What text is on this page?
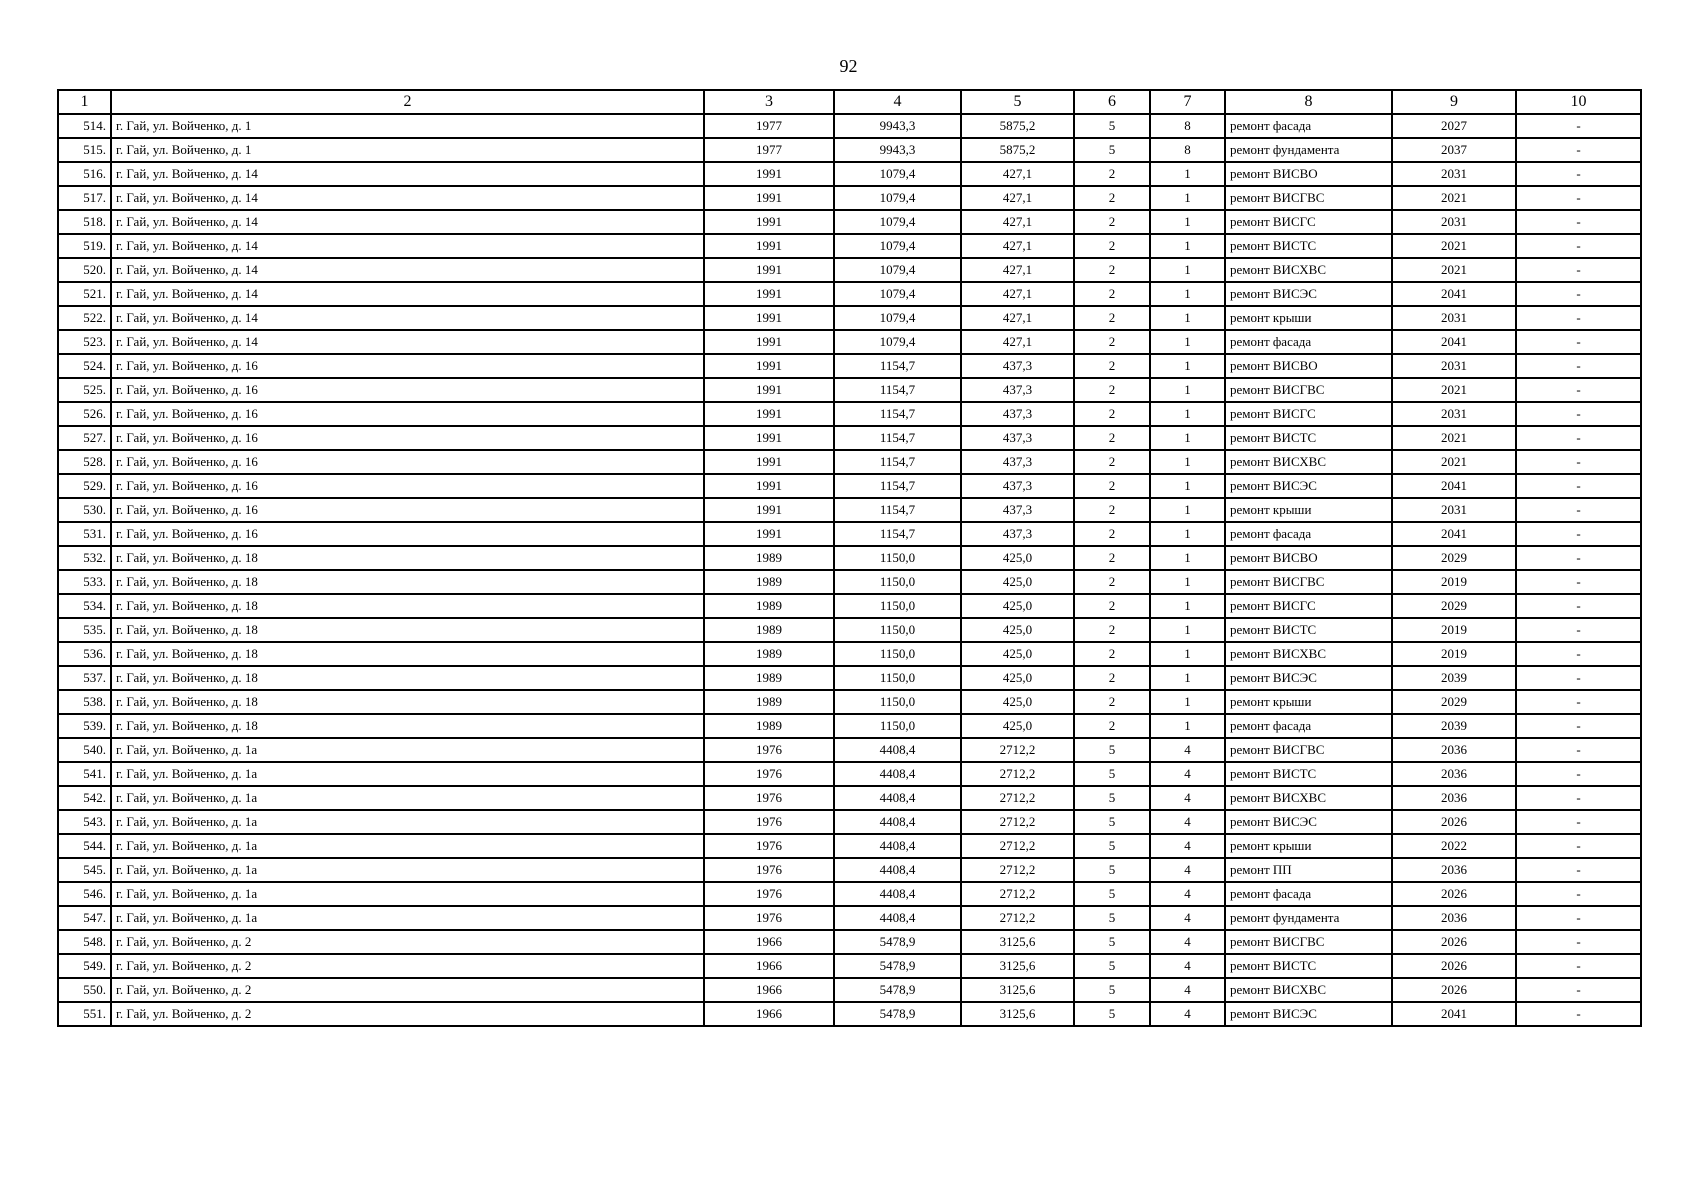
92
1	2	3	4	5	6	7	8	9	10
514.	г. Гай, ул. Войченко, д. 1	1977	9943,3	5875,2	5	8	ремонт фасада	2027	-
515.	г. Гай, ул. Войченко, д. 1	1977	9943,3	5875,2	5	8	ремонт фундамента	2037	-
516.	г. Гай, ул. Войченко, д. 14	1991	1079,4	427,1	2	1	ремонт ВИСВО	2031	-
517.	г. Гай, ул. Войченко, д. 14	1991	1079,4	427,1	2	1	ремонт ВИСГВС	2021	-
518.	г. Гай, ул. Войченко, д. 14	1991	1079,4	427,1	2	1	ремонт ВИСГС	2031	-
519.	г. Гай, ул. Войченко, д. 14	1991	1079,4	427,1	2	1	ремонт ВИСТС	2021	-
520.	г. Гай, ул. Войченко, д. 14	1991	1079,4	427,1	2	1	ремонт ВИСХВС	2021	-
521.	г. Гай, ул. Войченко, д. 14	1991	1079,4	427,1	2	1	ремонт ВИСЭС	2041	-
522.	г. Гай, ул. Войченко, д. 14	1991	1079,4	427,1	2	1	ремонт крыши	2031	-
523.	г. Гай, ул. Войченко, д. 14	1991	1079,4	427,1	2	1	ремонт фасада	2041	-
524.	г. Гай, ул. Войченко, д. 16	1991	1154,7	437,3	2	1	ремонт ВИСВО	2031	-
525.	г. Гай, ул. Войченко, д. 16	1991	1154,7	437,3	2	1	ремонт ВИСГВС	2021	-
526.	г. Гай, ул. Войченко, д. 16	1991	1154,7	437,3	2	1	ремонт ВИСГС	2031	-
527.	г. Гай, ул. Войченко, д. 16	1991	1154,7	437,3	2	1	ремонт ВИСТС	2021	-
528.	г. Гай, ул. Войченко, д. 16	1991	1154,7	437,3	2	1	ремонт ВИСХВС	2021	-
529.	г. Гай, ул. Войченко, д. 16	1991	1154,7	437,3	2	1	ремонт ВИСЭС	2041	-
530.	г. Гай, ул. Войченко, д. 16	1991	1154,7	437,3	2	1	ремонт крыши	2031	-
531.	г. Гай, ул. Войченко, д. 16	1991	1154,7	437,3	2	1	ремонт фасада	2041	-
532.	г. Гай, ул. Войченко, д. 18	1989	1150,0	425,0	2	1	ремонт ВИСВО	2029	-
533.	г. Гай, ул. Войченко, д. 18	1989	1150,0	425,0	2	1	ремонт ВИСГВС	2019	-
534.	г. Гай, ул. Войченко, д. 18	1989	1150,0	425,0	2	1	ремонт ВИСГС	2029	-
535.	г. Гай, ул. Войченко, д. 18	1989	1150,0	425,0	2	1	ремонт ВИСТС	2019	-
536.	г. Гай, ул. Войченко, д. 18	1989	1150,0	425,0	2	1	ремонт ВИСХВС	2019	-
537.	г. Гай, ул. Войченко, д. 18	1989	1150,0	425,0	2	1	ремонт ВИСЭС	2039	-
538.	г. Гай, ул. Войченко, д. 18	1989	1150,0	425,0	2	1	ремонт крыши	2029	-
539.	г. Гай, ул. Войченко, д. 18	1989	1150,0	425,0	2	1	ремонт фасада	2039	-
540.	г. Гай, ул. Войченко, д. 1а	1976	4408,4	2712,2	5	4	ремонт ВИСГВС	2036	-
541.	г. Гай, ул. Войченко, д. 1а	1976	4408,4	2712,2	5	4	ремонт ВИСТС	2036	-
542.	г. Гай, ул. Войченко, д. 1а	1976	4408,4	2712,2	5	4	ремонт ВИСХВС	2036	-
543.	г. Гай, ул. Войченко, д. 1а	1976	4408,4	2712,2	5	4	ремонт ВИСЭС	2026	-
544.	г. Гай, ул. Войченко, д. 1а	1976	4408,4	2712,2	5	4	ремонт крыши	2022	-
545.	г. Гай, ул. Войченко, д. 1а	1976	4408,4	2712,2	5	4	ремонт ПП	2036	-
546.	г. Гай, ул. Войченко, д. 1а	1976	4408,4	2712,2	5	4	ремонт фасада	2026	-
547.	г. Гай, ул. Войченко, д. 1а	1976	4408,4	2712,2	5	4	ремонт фундамента	2036	-
548.	г. Гай, ул. Войченко, д. 2	1966	5478,9	3125,6	5	4	ремонт ВИСГВС	2026	-
549.	г. Гай, ул. Войченко, д. 2	1966	5478,9	3125,6	5	4	ремонт ВИСТС	2026	-
550.	г. Гай, ул. Войченко, д. 2	1966	5478,9	3125,6	5	4	ремонт ВИСХВС	2026	-
551.	г. Гай, ул. Войченко, д. 2	1966	5478,9	3125,6	5	4	ремонт ВИСЭС	2041	-
